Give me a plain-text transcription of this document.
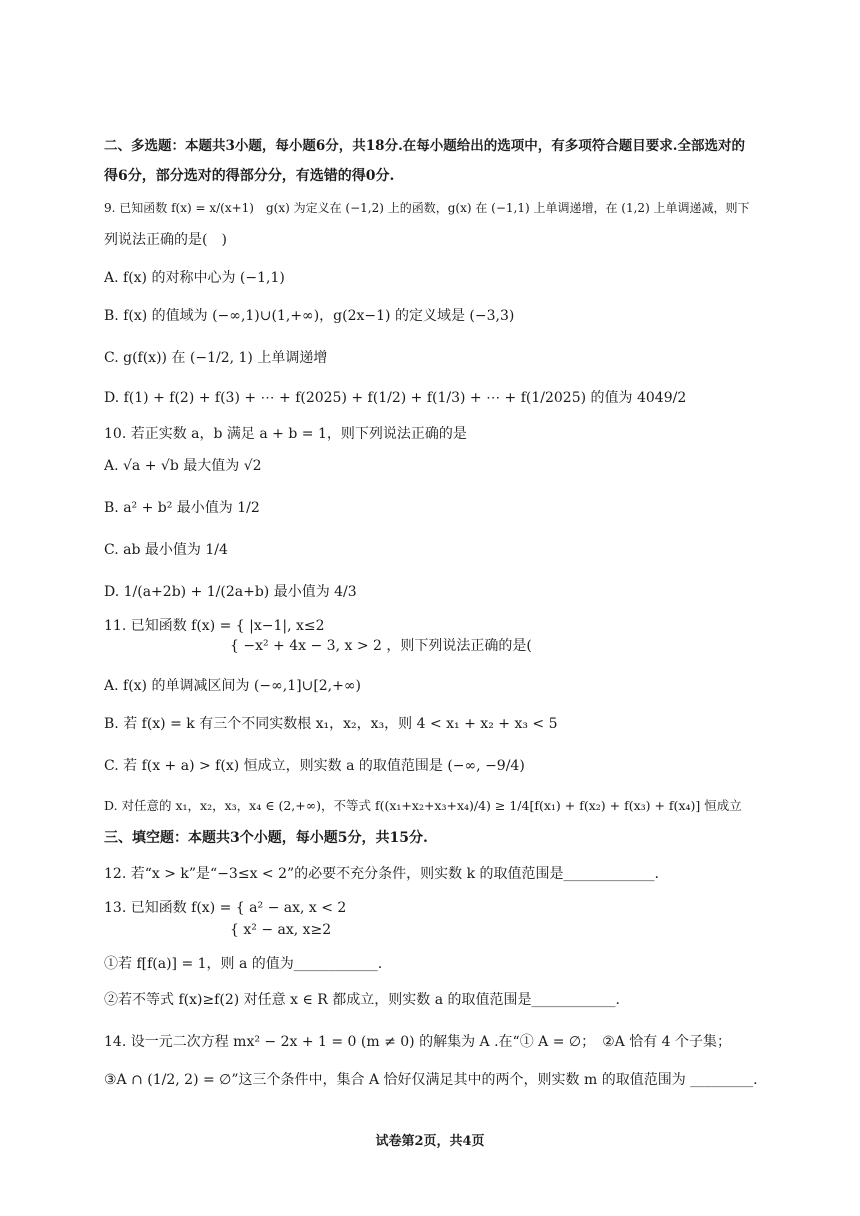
二、多选题：本题共3小题，每小题6分，共18分.在每小题给出的选项中，有多项符合题目要求.全部选对的
得6分，部分选对的得部分分，有选错的得0分.
9. 已知函数 f(x) = x/(x+1)　g(x) 为定义在 (−1,2) 上的函数，g(x) 在 (−1,1) 上单调递增，在 (1,2) 上单调递减，则下
列说法正确的是(　)
A. f(x) 的对称中心为 (−1,1)
B. f(x) 的值域为 (−∞,1)∪(1,+∞)，g(2x−1) 的定义域是 (−3,3)
C. g(f(x)) 在 (−1/2, 1) 上单调递增
D. f(1) + f(2) + f(3) + ⋯ + f(2025) + f(1/2) + f(1/3) + ⋯ + f(1/2025) 的值为 4049/2
10. 若正实数 a，b 满足 a + b = 1，则下列说法正确的是
A. √a + √b 最大值为 √2
B. a² + b² 最小值为 1/2
C. ab 最小值为 1/4
D. 1/(a+2b) + 1/(2a+b) 最小值为 4/3
11. 已知函数 f(x) = { |x−1|, x≤2
　　　　　　　　　{ −x² + 4x − 3, x > 2 ，则下列说法正确的是(
A. f(x) 的单调减区间为 (−∞,1]∪[2,+∞)
B. 若 f(x) = k 有三个不同实数根 x₁，x₂，x₃，则 4 < x₁ + x₂ + x₃ < 5
C. 若 f(x + a) > f(x) 恒成立，则实数 a 的取值范围是 (−∞, −9/4)
D. 对任意的 x₁，x₂，x₃，x₄ ∈ (2,+∞)，不等式 f((x₁+x₂+x₃+x₄)/4) ≥ 1/4[f(x₁) + f(x₂) + f(x₃) + f(x₄)] 恒成立
三、填空题：本题共3个小题，每小题5分，共15分.
12. 若“x > k”是“−3≤x < 2”的必要不充分条件，则实数 k 的取值范围是_____________.
13. 已知函数 f(x) = { a² − ax, x < 2
　　　　　　　　　{ x² − ax, x≥2
①若 f[f(a)] = 1，则 a 的值为____________.
②若不等式 f(x)≥f(2) 对任意 x ∈ R 都成立，则实数 a 的取值范围是____________.
14. 设一元二次方程 mx² − 2x + 1 = 0 (m ≠ 0) 的解集为 A .在“① A = ∅；　②A 恰有 4 个子集；
③A ∩ (1/2, 2) = ∅”这三个条件中，集合 A 恰好仅满足其中的两个，则实数 m 的取值范围为 _________.
试卷第2页，共4页
